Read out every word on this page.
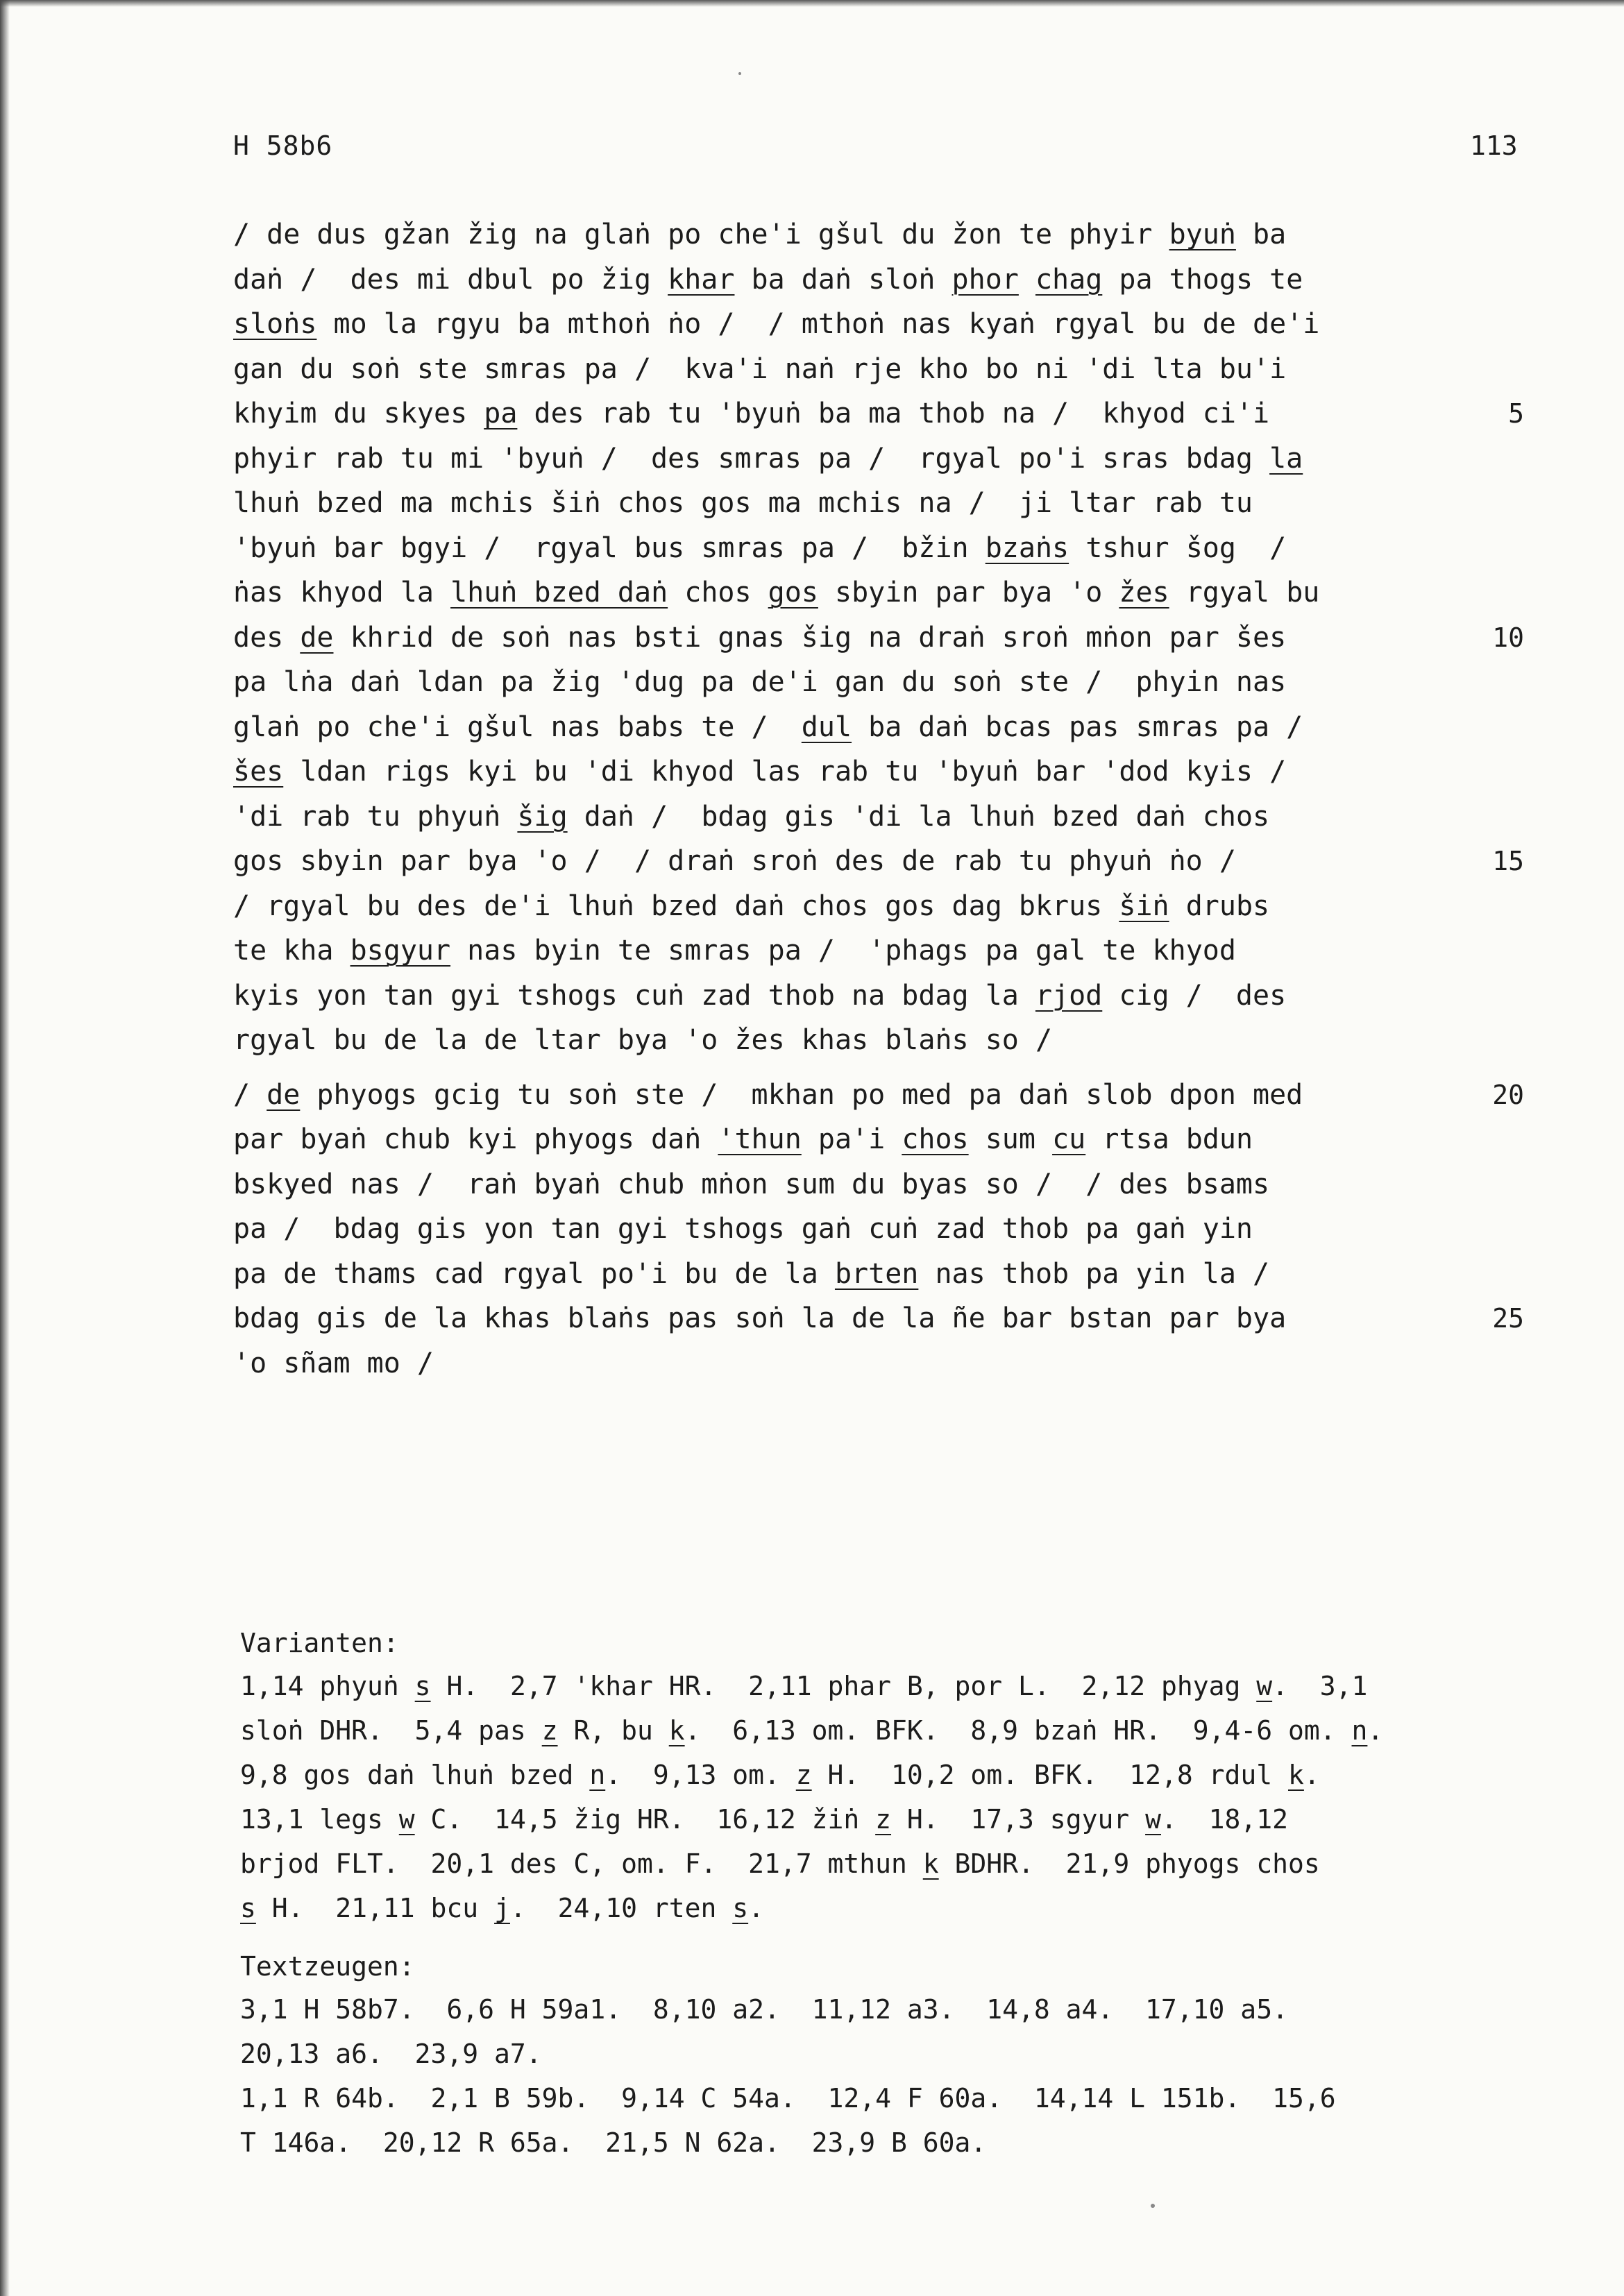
H 58b6	113
/ de dus gžan žig na glaṅ po che'i gšul du žon te phyir byuṅ ba
daṅ /  des mi dbul po žig khar ba daṅ sloṅ phor chag pa thogs te
sloṅs mo la rgyu ba mthoṅ ṅo /  / mthoṅ nas kyaṅ rgyal bu de de'i
gan du soṅ ste smras pa /  kva'i naṅ rje kho bo ni 'di lta bu'i
khyim du skyes pa des rab tu 'byuṅ ba ma thob na /  khyod ci'i	5
phyir rab tu mi 'byuṅ /  des smras pa /  rgyal po'i sras bdag la
lhuṅ bzed ma mchis šiṅ chos gos ma mchis na /  ji ltar rab tu
'byuṅ bar bgyi /  rgyal bus smras pa /  bžin bzaṅs tshur šog  /
ṅas khyod la lhuṅ bzed daṅ chos gos sbyin par bya 'o žes rgyal bu
des de khrid de soṅ nas bsti gnas šig na draṅ sroṅ mṅon par šes	10
pa lṅa daṅ ldan pa žig 'dug pa de'i gan du soṅ ste /  phyin nas
glaṅ po che'i gšul nas babs te /  dul ba daṅ bcas pas smras pa /
šes ldan rigs kyi bu 'di khyod las rab tu 'byuṅ bar 'dod kyis /
'di rab tu phyuṅ šig daṅ /  bdag gis 'di la lhuṅ bzed daṅ chos
gos sbyin par bya 'o /  / draṅ sroṅ des de rab tu phyuṅ ṅo /	15
/ rgyal bu des de'i lhuṅ bzed daṅ chos gos dag bkrus šiṅ drubs
te kha bsgyur nas byin te smras pa /  'phags pa gal te khyod
kyis yon tan gyi tshogs cuṅ zad thob na bdag la rjod cig /  des
rgyal bu de la de ltar bya 'o žes khas blaṅs so /
/ de phyogs gcig tu soṅ ste /  mkhan po med pa daṅ slob dpon med	20
par byaṅ chub kyi phyogs daṅ 'thun pa'i chos sum cu rtsa bdun
bskyed nas /  raṅ byaṅ chub mṅon sum du byas so /  / des bsams
pa /  bdag gis yon tan gyi tshogs gaṅ cuṅ zad thob pa gaṅ yin
pa de thams cad rgyal po'i bu de la brten nas thob pa yin la /
bdag gis de la khas blaṅs pas soṅ la de la ñe bar bstan par bya	25
'o sñam mo /
Varianten:
1,14 phyuṅ s H.  2,7 'khar HR.  2,11 phar B, por L.  2,12 phyag w.  3,1
sloṅ DHR.  5,4 pas z R, bu k.  6,13 om. BFK.  8,9 bzaṅ HR.  9,4-6 om. n.
9,8 gos daṅ lhuṅ bzed n.  9,13 om. z H.  10,2 om. BFK.  12,8 rdul k.
13,1 legs w C.  14,5 žig HR.  16,12 žiṅ z H.  17,3 sgyur w.  18,12
brjod FLT.  20,1 des C, om. F.  21,7 mthun k BDHR.  21,9 phyogs chos
s H.  21,11 bcu j.  24,10 rten s.
Textzeugen:
3,1 H 58b7.  6,6 H 59a1.  8,10 a2.  11,12 a3.  14,8 a4.  17,10 a5.
20,13 a6.  23,9 a7.
1,1 R 64b.  2,1 B 59b.  9,14 C 54a.  12,4 F 60a.  14,14 L 151b.  15,6
T 146a.  20,12 R 65a.  21,5 N 62a.  23,9 B 60a.
